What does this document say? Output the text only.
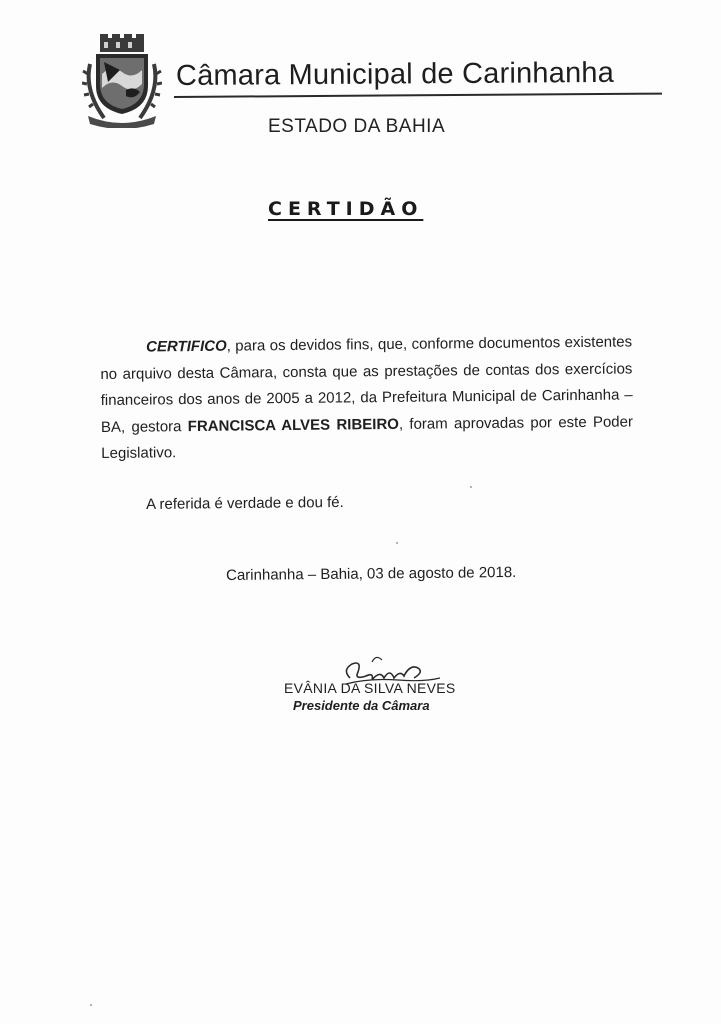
Câmara Municipal de Carinhanha
ESTADO DA BAHIA
CERTIDÃO
CERTIFICO, para os devidos fins, que, conforme documentos existentes no arquivo desta Câmara, consta que as prestações de contas dos exercícios financeiros dos anos de 2005 a 2012, da Prefeitura Municipal de Carinhanha – BA, gestora FRANCISCA ALVES RIBEIRO, foram aprovadas por este Poder Legislativo.
A referida é verdade e dou fé.
Carinhanha – Bahia, 03 de agosto de 2018.
EVÂNIA DA SILVA NEVES
Presidente da Câmara
